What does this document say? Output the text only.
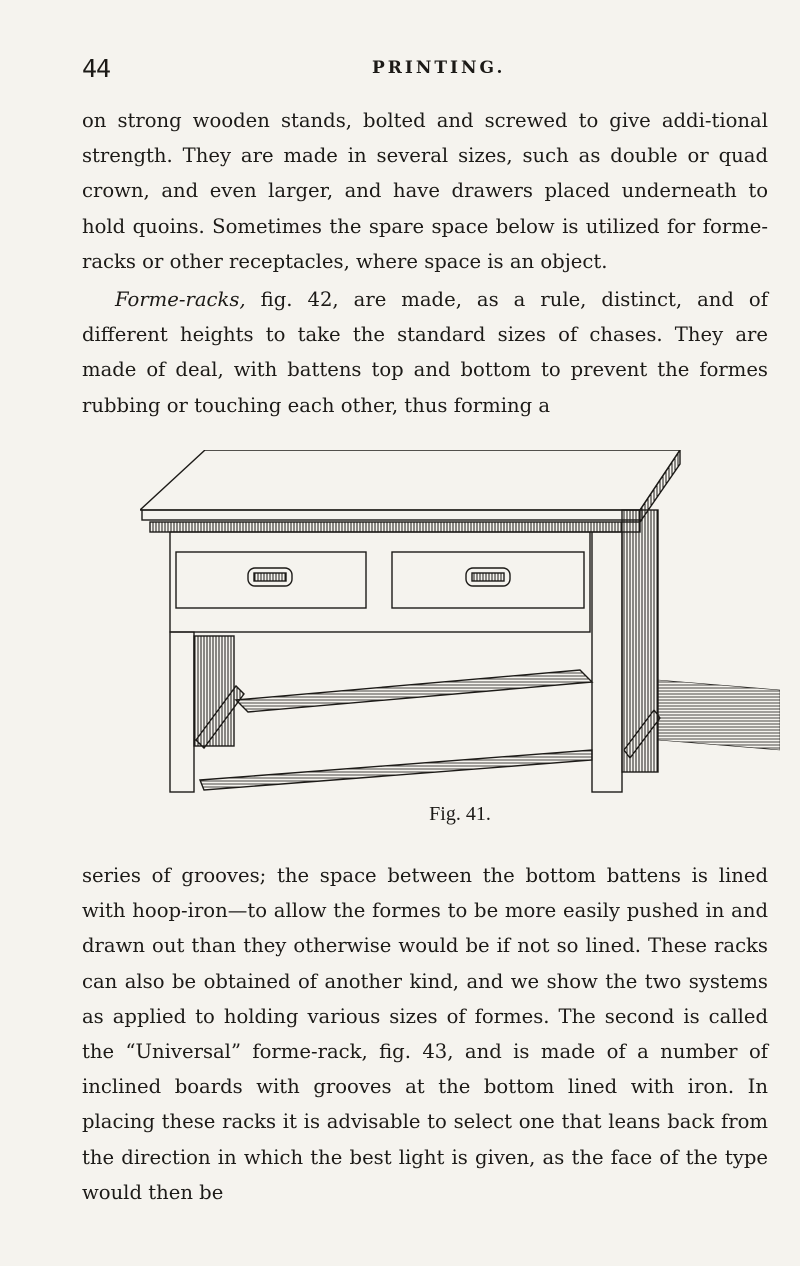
44	PRINTING.

on strong wooden stands, bolted and screwed to give addi-tional strength. They are made in several sizes, such as double or quad crown, and even larger, and have drawers placed underneath to hold quoins. Sometimes the spare space below is utilized for forme-racks or other receptacles, where space is an object.

Forme-racks, fig. 42, are made, as a rule, distinct, and of different heights to take the standard sizes of chases. They are made of deal, with battens top and bottom to prevent the formes rubbing or touching each other, thus forming a

Fig. 41.

series of grooves; the space between the bottom battens is lined with hoop-iron—to allow the formes to be more easily pushed in and drawn out than they otherwise would be if not so lined. These racks can also be obtained of another kind, and we show the two systems as applied to holding various sizes of formes. The second is called the “Universal” forme-rack, fig. 43, and is made of a number of inclined boards with grooves at the bottom lined with iron. In placing these racks it is advisable to select one that leans back from the direction in which the best light is given, as the face of the type would then be
